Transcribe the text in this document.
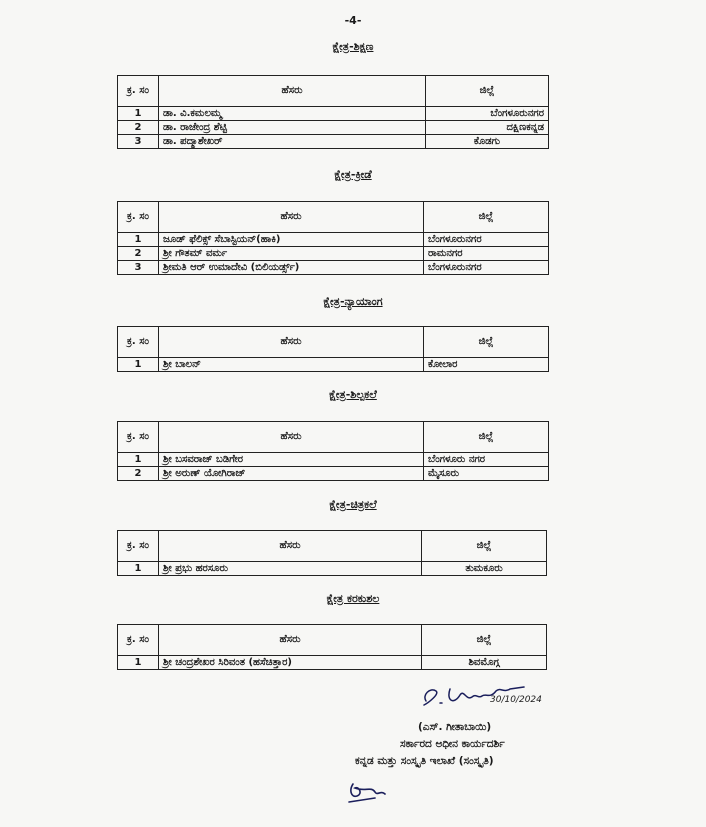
-4-
ಕ್ಷೇತ್ರ-ಶಿಕ್ಷಣ
ಕ್ರ. ಸಂ	ಹೆಸರು	ಜಿಲ್ಲೆ
1	ಡಾ. ವಿ.ಕಮಲಮ್ಮ	ಬೆಂಗಳೂರುನಗರ
2	ಡಾ. ರಾಜೇಂದ್ರ ಶೆಟ್ಟಿ	ದಕ್ಷಿಣಕನ್ನಡ
3	ಡಾ. ಪದ್ಮಾಶೇಖರ್	ಕೊಡಗು
ಕ್ಷೇತ್ರ-ಕ್ರೀಡೆ
ಕ್ರ. ಸಂ	ಹೆಸರು	ಜಿಲ್ಲೆ
1	ಜೂಡ್ ಫೆಲಿಕ್ಸ್ ಸೆಬಾಸ್ಟಿಯನ್(ಹಾಕಿ)	ಬೆಂಗಳೂರುನಗರ
2	ಶ್ರೀ ಗೌತಮ್ ವರ್ಮ	ರಾಮನಗರ
3	ಶ್ರೀಮತಿ ಆರ್ ಉಮಾದೇವಿ (ಬಿಲಿಯರ್ಡ್ಸ್)	ಬೆಂಗಳೂರುನಗರ
ಕ್ಷೇತ್ರ-ನ್ಯಾಯಾಂಗ
ಕ್ರ. ಸಂ	ಹೆಸರು	ಜಿಲ್ಲೆ
1	ಶ್ರೀ ಬಾಲನ್	ಕೋಲಾರ
ಕ್ಷೇತ್ರ-ಶಿಲ್ಪಕಲೆ
ಕ್ರ. ಸಂ	ಹೆಸರು	ಜಿಲ್ಲೆ
1	ಶ್ರೀ ಬಸವರಾಜ್ ಬಡಿಗೇರ	ಬೆಂಗಳೂರು ನಗರ
2	ಶ್ರೀ ಅರುಣ್ ಯೋಗಿರಾಜ್	ಮೈಸೂರು
ಕ್ಷೇತ್ರ-ಚಿತ್ರಕಲೆ
ಕ್ರ. ಸಂ	ಹೆಸರು	ಜಿಲ್ಲೆ
1	ಶ್ರೀ ಪ್ರಭು ಹರಸೂರು	ತುಮಕೂರು
ಕ್ಷೇತ್ರ ಕರಕುಶಲ
ಕ್ರ. ಸಂ	ಹೆಸರು	ಜಿಲ್ಲೆ
1	ಶ್ರೀ ಚಂದ್ರಶೇಖರ ಸಿರಿವಂತ (ಹಸೆಚಿತ್ತಾರ)	ಶಿವಮೊಗ್ಗ
30/10/2024
(ಎಸ್. ಗೀತಾಬಾಯಿ)
ಸರ್ಕಾರದ ಅಧೀನ ಕಾರ್ಯದರ್ಶಿ
ಕನ್ನಡ ಮತ್ತು ಸಂಸ್ಕೃತಿ ಇಲಾಖೆ (ಸಂಸ್ಕೃತಿ)
